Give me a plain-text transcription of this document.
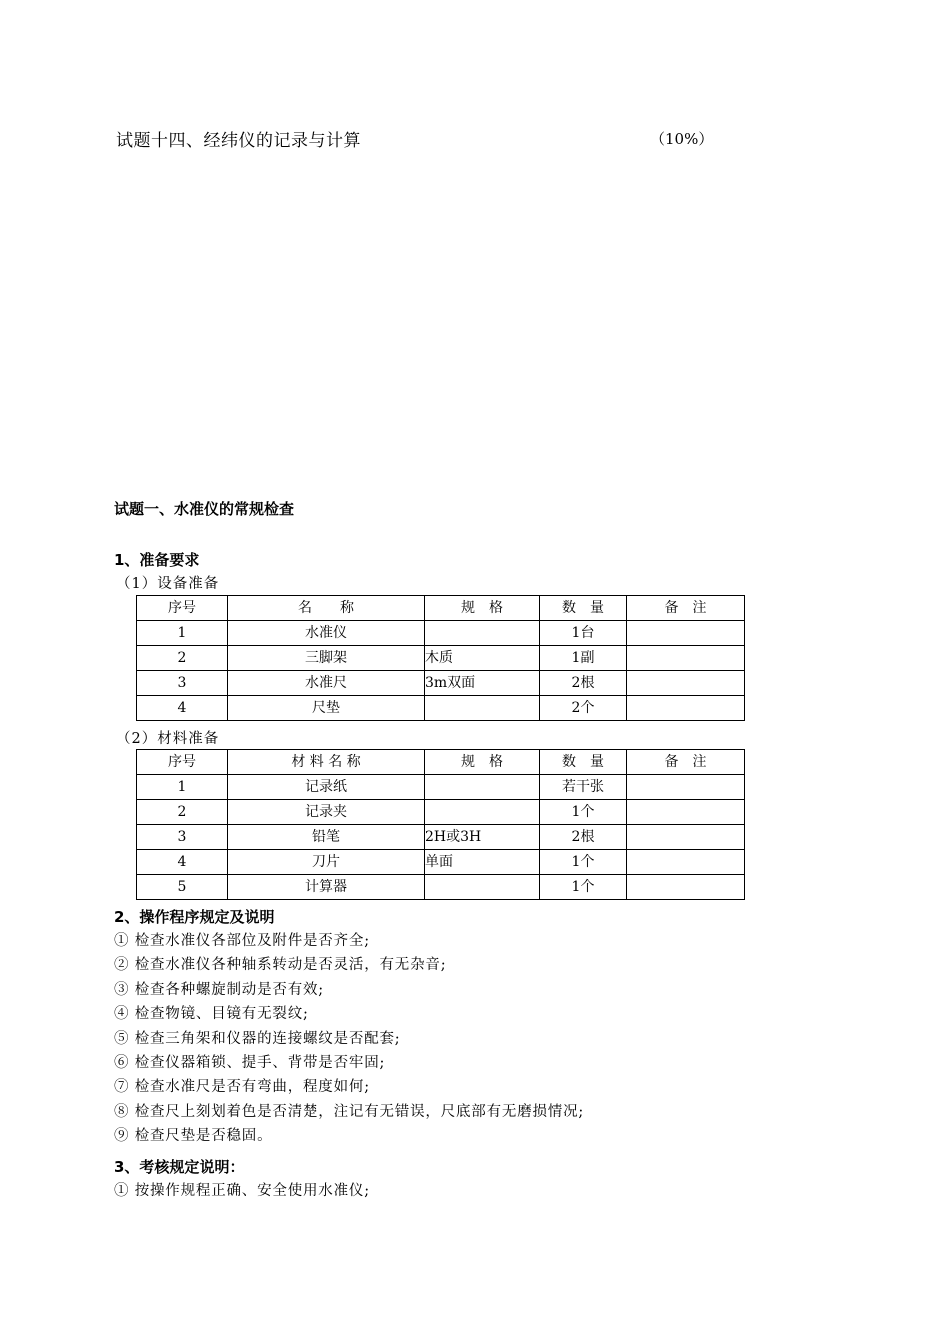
试题十四、经纬仪的记录与计算	（10%）
试题一、水准仪的常规检查
1、准备要求
（1）设备准备
序号	名　　称	规　格	数　量	备　注
1	水准仪		1台	
2	三脚架	木质	1副	
3	水准尺	3m双面	2根	
4	尺垫		2个	
（2）材料准备
序号	材 料 名 称	规　格	数　量	备　注
1	记录纸		若干张	
2	记录夹		1个	
3	铅笔	2H或3H	2根	
4	刀片	单面	1个	
5	计算器		1个	
2、操作程序规定及说明
① 检查水准仪各部位及附件是否齐全;
② 检查水准仪各种轴系转动是否灵活，有无杂音;
③ 检查各种螺旋制动是否有效;
④ 检查物镜、目镜有无裂纹;
⑤ 检查三角架和仪器的连接螺纹是否配套;
⑥ 检查仪器箱锁、提手、背带是否牢固;
⑦ 检查水准尺是否有弯曲，程度如何;
⑧ 检查尺上刻划着色是否清楚，注记有无错误，尺底部有无磨损情况;
⑨ 检查尺垫是否稳固。
3、考核规定说明：
① 按操作规程正确、安全使用水准仪;
